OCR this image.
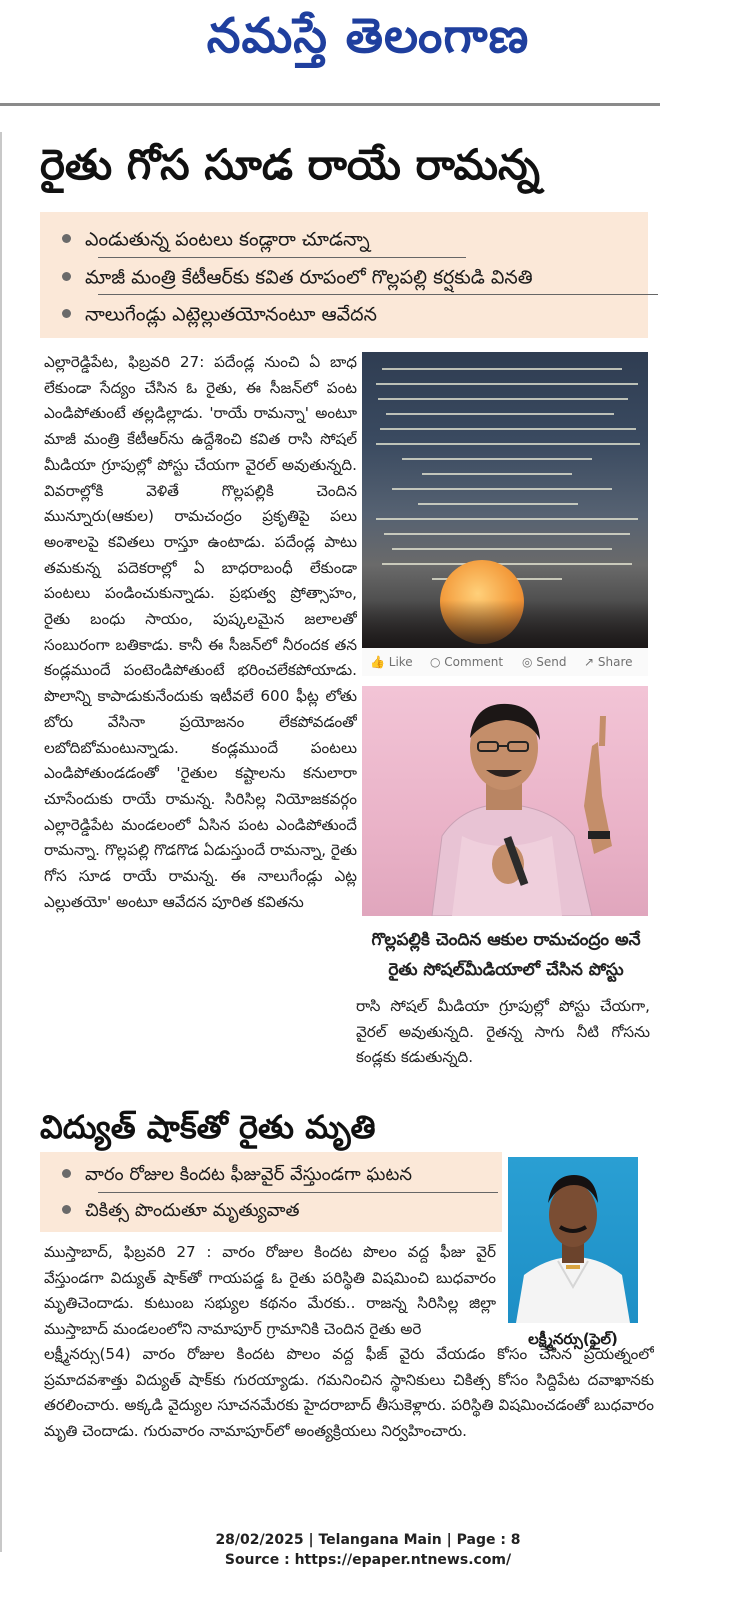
నమస్తే తెలంగాణ
రైతు గోస సూడ రాయే రామన్న
ఎండుతున్న పంటలు కండ్లారా చూడన్నా
మాజీ మంత్రి కేటీఆర్‌కు కవిత రూపంలో గొల్లపల్లి కర్షకుడి వినతి
నాలుగేండ్లు ఎట్లెల్లుతయోనంటూ ఆవేదన

ఎల్లారెడ్డిపేట, ఫిబ్రవరి 27: పదేండ్ల నుంచి ఏ బాధ లేకుండా సేద్యం చేసిన ఓ రైతు, ఈ సీజన్‌లో పంట ఎండిపోతుంటే తల్లడిల్లాడు. 'రాయే రామన్నా' అంటూ మాజీ మంత్రి కేటీఆర్‌ను ఉద్దేశించి కవిత రాసి సోషల్ మీడియా గ్రూపుల్లో పోస్టు చేయగా వైరల్ అవుతున్నది. వివరాల్లోకి వెళితే గొల్లపల్లికి చెందిన మున్నూరు(ఆకుల) రామచంద్రం ప్రకృతిపై పలు అంశాలపై కవితలు రాస్తూ ఉంటాడు. పదేండ్ల పాటు తమకున్న పదెకరాల్లో ఏ బాధరాబంధీ లేకుండా పంటలు పండించుకున్నాడు. ప్రభుత్వ ప్రోత్సాహం, రైతు బంధు సాయం, పుష్కలమైన జలాలతో సంబురంగా బతికాడు. కానీ ఈ సీజన్‌లో నీరందక తన కండ్లముందే పంటెండిపోతుంటే భరించలేకపోయాడు. పొలాన్ని కాపాడుకునేందుకు ఇటీవలే 600 ఫీట్ల లోతు బోరు వేసినా ప్రయోజనం లేకపోవడంతో లబోదిబోమంటున్నాడు. కండ్లముందే పంటలు ఎండిపోతుండడంతో 'రైతుల కష్టాలను కనులారా చూసేందుకు రాయే రామన్న. సిరిసిల్ల నియోజకవర్గం ఎల్లారెడ్డిపేట మండలంలో ఏసిన పంట ఎండిపోతుందే రామన్నా. గొల్లపల్లి గొడగొడ ఏడుస్తుందే రామన్నా, రైతు గోస సూడ రాయే రామన్న. ఈ నాలుగేండ్లు ఎట్ల ఎల్లుతయో' అంటూ ఆవేదన పూరిత కవితను

👍 Like ○ Comment ◎ Send ↗ Share
గొల్లపల్లికి చెందిన ఆకుల రామచంద్రం అనే రైతు సోషల్‌మీడియాలో చేసిన పోస్టు

రాసి సోషల్ మీడియా గ్రూపుల్లో పోస్టు చేయగా, వైరల్ అవుతున్నది. రైతన్న సాగు నీటి గోసను కండ్లకు కడుతున్నది.

విద్యుత్ షాక్‌తో రైతు మృతి
వారం రోజుల కిందట ఫీజువైర్ వేస్తుండగా ఘటన
చికిత్స పొందుతూ మృత్యువాత
లక్ష్మీనర్సు(ఫైల్)

ముస్తాబాద్, ఫిబ్రవరి 27 : వారం రోజుల కిందట పొలం వద్ద ఫీజు వైర్ వేస్తుండగా విద్యుత్ షాక్‌తో గాయపడ్డ ఓ రైతు పరిస్థితి విషమించి బుధవారం మృతిచెందాడు. కుటుంబ సభ్యుల కథనం మేరకు.. రాజన్న సిరిసిల్ల జిల్లా ముస్తాబాద్ మండలంలోని నామాపూర్ గ్రామానికి చెందిన రైతు అరె

లక్ష్మీనర్సు(54) వారం రోజుల కిందట పొలం వద్ద ఫీజ్ వైరు వేయడం కోసం చేసిన ప్రయత్నంలో ప్రమాదవశాత్తు విద్యుత్ షాక్‌కు గురయ్యాడు. గమనించిన స్థానికులు చికిత్స కోసం సిద్దిపేట దవాఖానకు తరలించారు. అక్కడి వైద్యుల సూచనమేరకు హైదరాబాద్ తీసుకెళ్లారు. పరిస్థితి విషమించడంతో బుధవారం మృతి చెందాడు. గురువారం నామాపూర్‌లో అంత్యక్రియలు నిర్వహించారు.

28/02/2025 | Telangana Main | Page : 8
Source : https://epaper.ntnews.com/
